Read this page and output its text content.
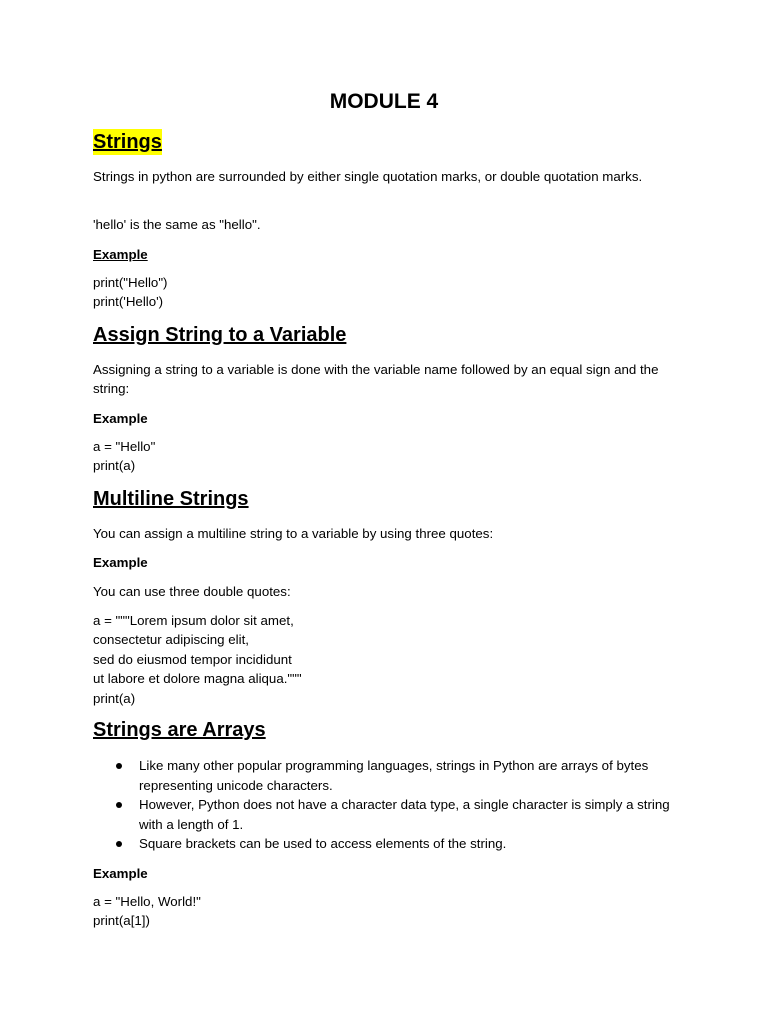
MODULE 4
Strings

Strings in python are surrounded by either single quotation marks, or double quotation marks.

'hello' is the same as "hello".

Example

print("Hello")
print('Hello')
Assign String to a Variable

Assigning a string to a variable is done with the variable name followed by an equal sign and the string:

Example

a = "Hello"
print(a)
Multiline Strings

You can assign a multiline string to a variable by using three quotes:

Example

You can use three double quotes:

a = """Lorem ipsum dolor sit amet,
consectetur adipiscing elit,
sed do eiusmod tempor incididunt
ut labore et dolore magna aliqua."""
print(a)
Strings are Arrays
Like many other popular programming languages, strings in Python are arrays of bytes representing unicode characters.
However, Python does not have a character data type, a single character is simply a string with a length of 1.
Square brackets can be used to access elements of the string.

Example

a = "Hello, World!"
print(a[1])
